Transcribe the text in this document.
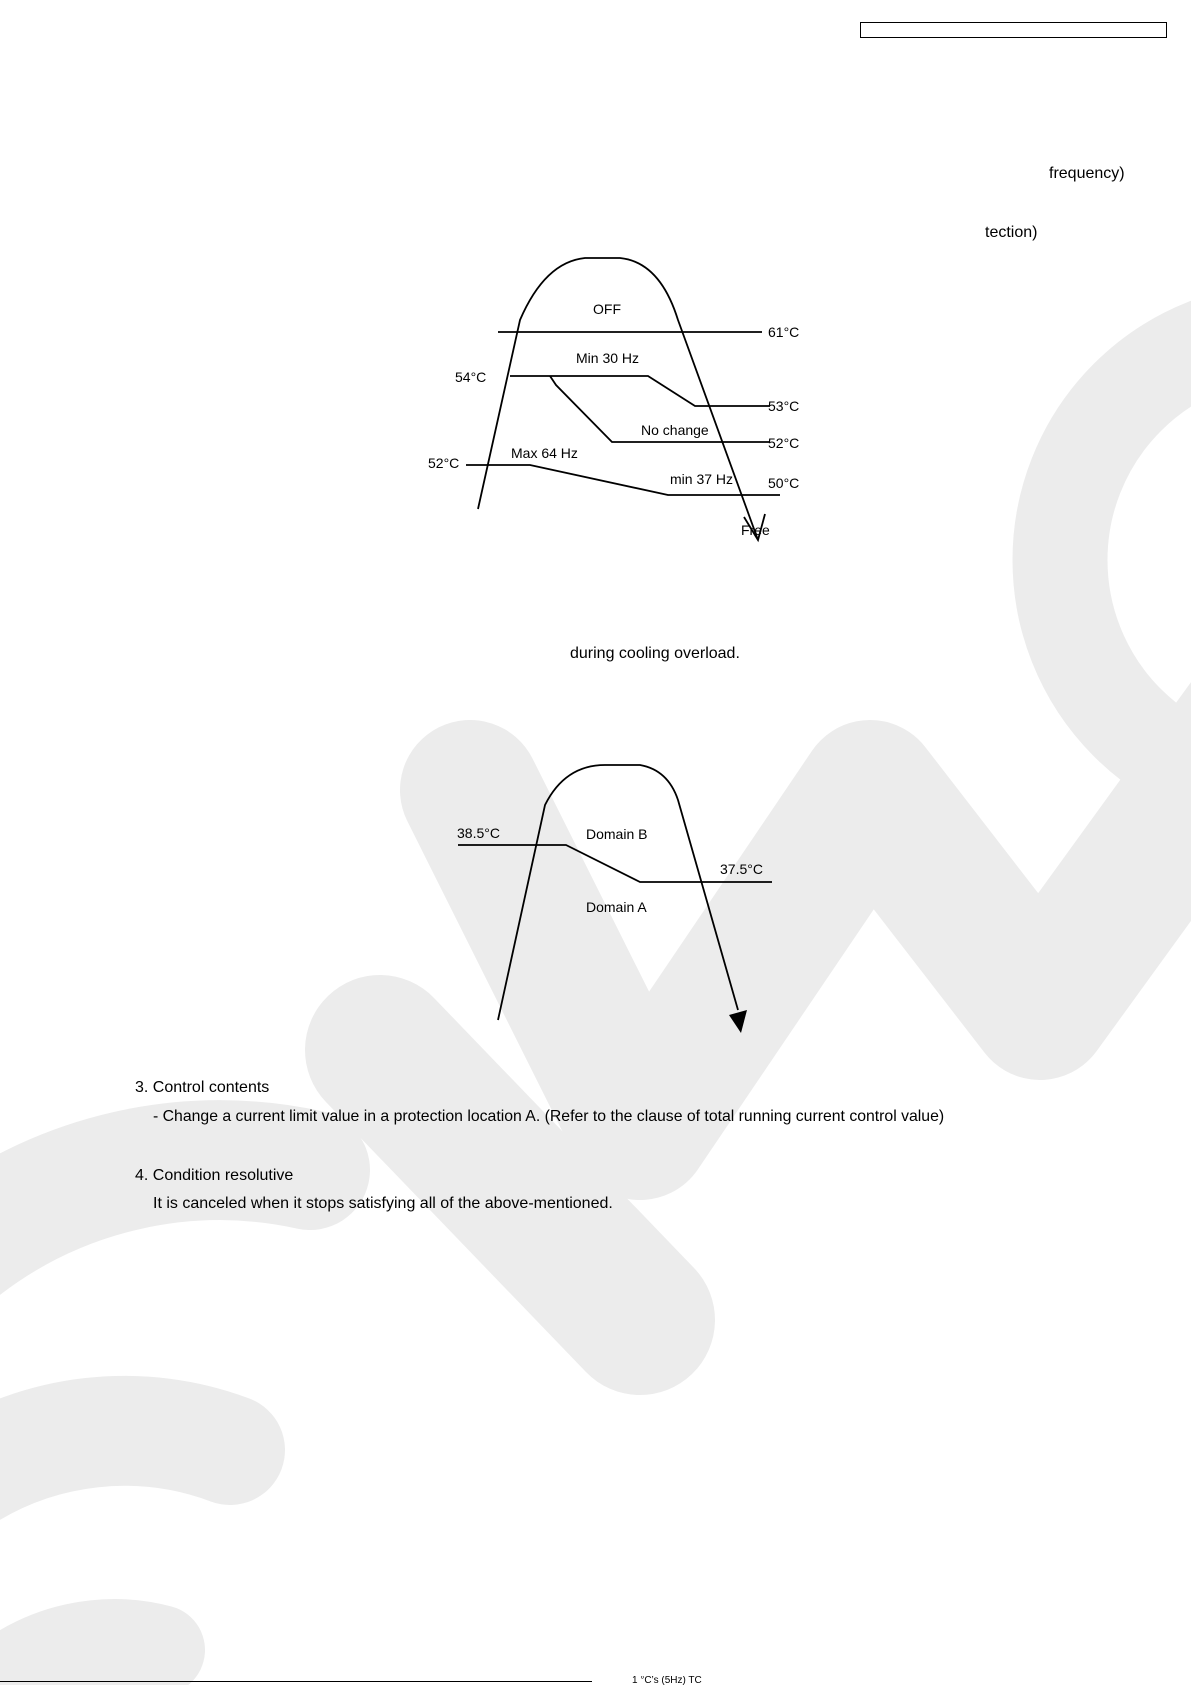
frequency)
tection)
OFF
Min 30 Hz
No change
Max 64 Hz
min 37 Hz
Free
61°C
54°C
53°C
52°C
52°C
50°C
during cooling overload.
38.5°C	Domain B
37.5°C
Domain A
3. Control contents
- Change a current limit value in a protection location A. (Refer to the clause of total running current control value)
4. Condition resolutive
It is canceled when it stops satisfying all of the above-mentioned.
1 °C’s (5Hz) TC
